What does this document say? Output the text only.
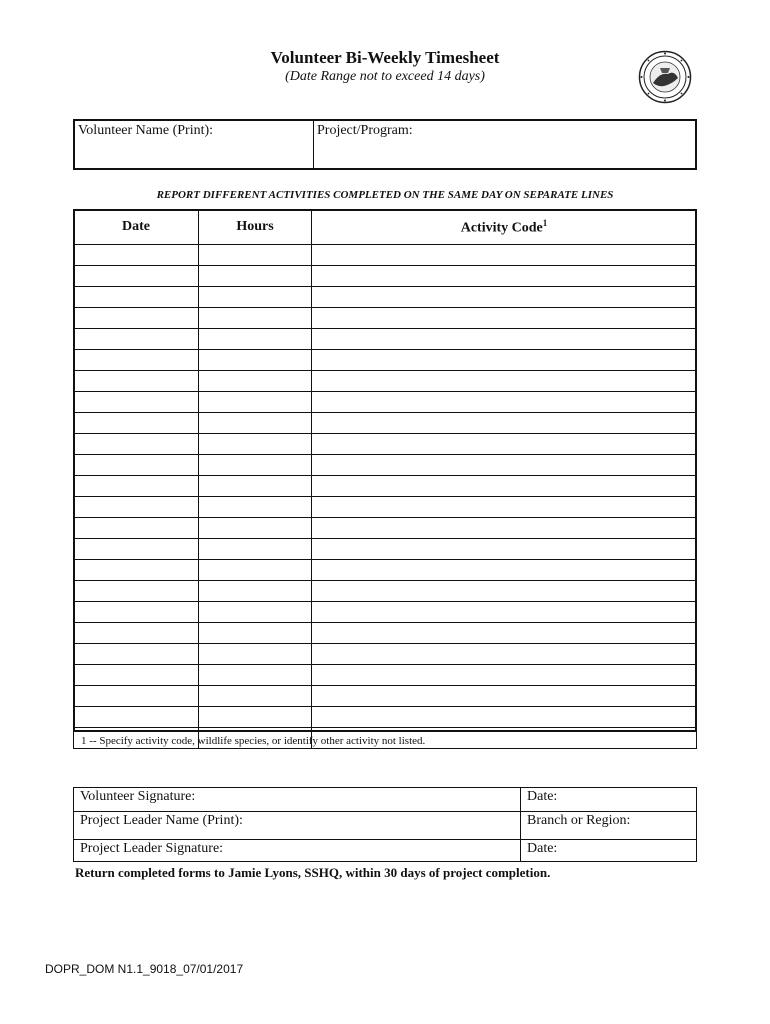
Volunteer Bi-Weekly Timesheet
(Date Range not to exceed 14 days)
Volunteer Name (Print):	Project/Program:
REPORT DIFFERENT ACTIVITIES COMPLETED ON THE SAME DAY ON SEPARATE LINES
Date	Hours	Activity Code$^1$

1 -- Specify activity code, wildlife species, or identify other activity not listed.
Volunteer Signature:	Date:
Project Leader Name (Print):	Branch or Region:
Project Leader Signature:	Date:
Return completed forms to Jamie Lyons, SSHQ, within 30 days of project completion.
DOPR_DOM N1.1_9018_07/01/2017
